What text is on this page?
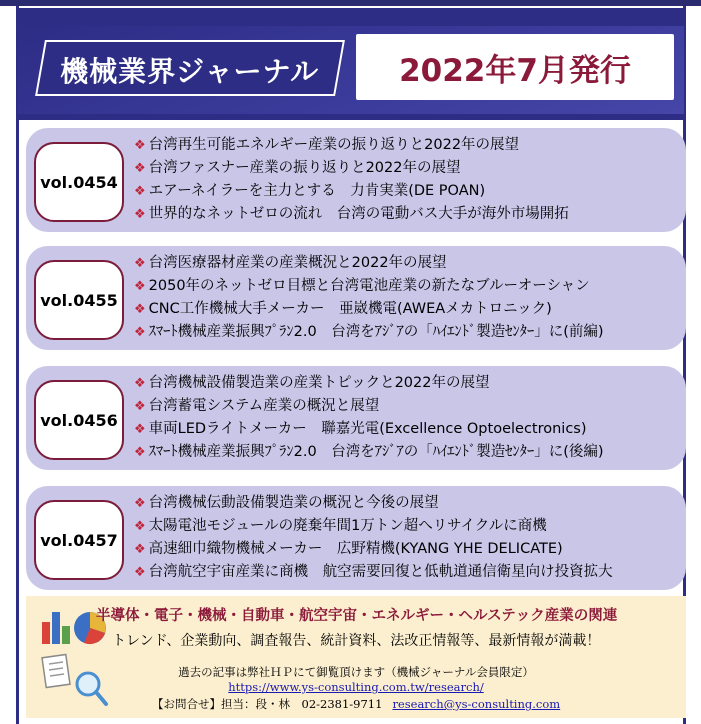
機械業界ジャーナル	2022年7月発行
vol.0454
❖ 台湾再生可能エネルギー産業の振り返りと2022年の展望
❖ 台湾ファスナー産業の振り返りと2022年の展望
❖ エアーネイラーを主力とする　力肯実業(DE POAN)
❖ 世界的なネットゼロの流れ　台湾の電動バス大手が海外市場開拓
vol.0455
❖ 台湾医療器材産業の産業概況と2022年の展望
❖ 2050年のネットゼロ目標と台湾電池産業の新たなブルーオーシャン
❖ CNC工作機械大手メーカー　亜崴機電(AWEAメカトロニック)
❖ ｽﾏｰﾄ機械産業振興ﾌﾟﾗﾝ2.0　台湾をｱｼﾞｱの「ﾊｲｴﾝﾄﾞ製造ｾﾝﾀｰ」に(前編)
vol.0456
❖ 台湾機械設備製造業の産業トピックと2022年の展望
❖ 台湾蓄電システム産業の概況と展望
❖ 車両LEDライトメーカー　聯嘉光電(Excellence Optoelectronics)
❖ ｽﾏｰﾄ機械産業振興ﾌﾟﾗﾝ2.0　台湾をｱｼﾞｱの「ﾊｲｴﾝﾄﾞ製造ｾﾝﾀｰ」に(後編)
vol.0457
❖ 台湾機械伝動設備製造業の概況と今後の展望
❖ 太陽電池モジュールの廃棄年間1万トン超へリサイクルに商機
❖ 高速細巾織物機械メーカー　広野精機(KYANG YHE DELICATE)
❖ 台湾航空宇宙産業に商機　航空需要回復と低軌道通信衛星向け投資拡大
半導体・電子・機械・自動車・航空宇宙・エネルギー・ヘルステック産業の関連
トレンド、企業動向、調査報告、統計資料、法改正情報等、最新情報が満載！
過去の記事は弊社ＨＰにて御覧頂けます（機械ジャーナル会員限定）
https://www.ys-consulting.com.tw/research/
【お問合せ】担当：段・林　02-2381-9711 research@ys-consulting.com
